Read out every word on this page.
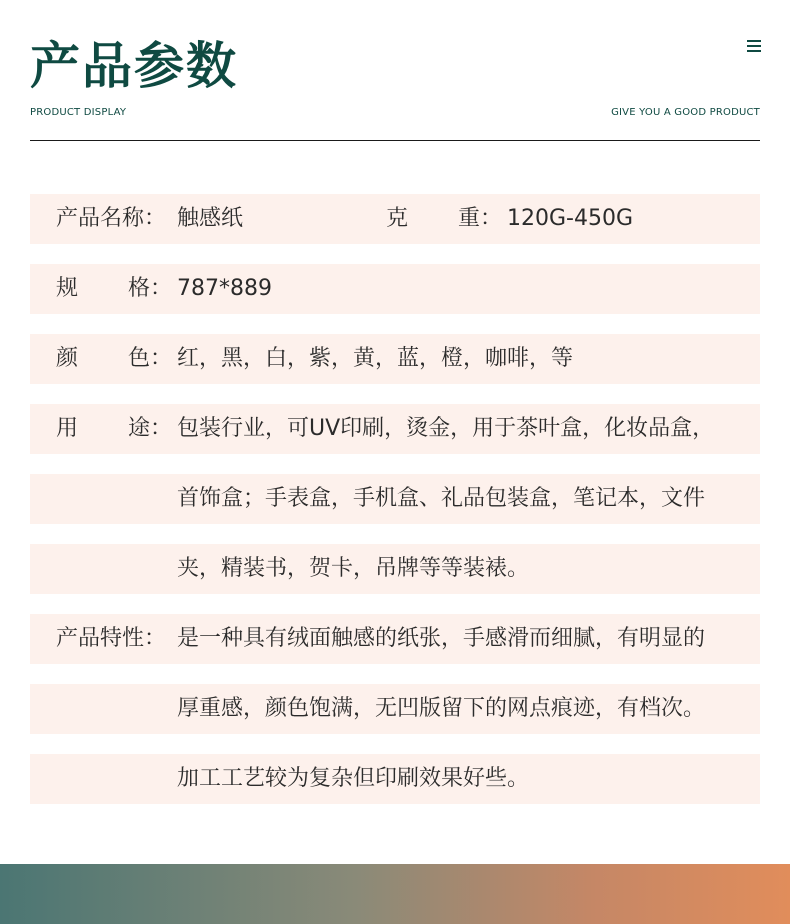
产品参数
PRODUCT DISPLAY	GIVE YOU A GOOD PRODUCT
产品名称： 触感纸	克 重： 120G-450G
规 格： 787*889
颜 色： 红，黑，白，紫，黄，蓝，橙，咖啡，等
用 途： 包装行业，可UV印刷，烫金，用于茶叶盒，化妆品盒，
首饰盒；手表盒，手机盒、礼品包装盒，笔记本，文件
夹，精装书，贺卡，吊牌等等装裱。
产品特性： 是一种具有绒面触感的纸张，手感滑而细腻，有明显的
厚重感，颜色饱满，无凹版留下的网点痕迹，有档次。
加工工艺较为复杂但印刷效果好些。
